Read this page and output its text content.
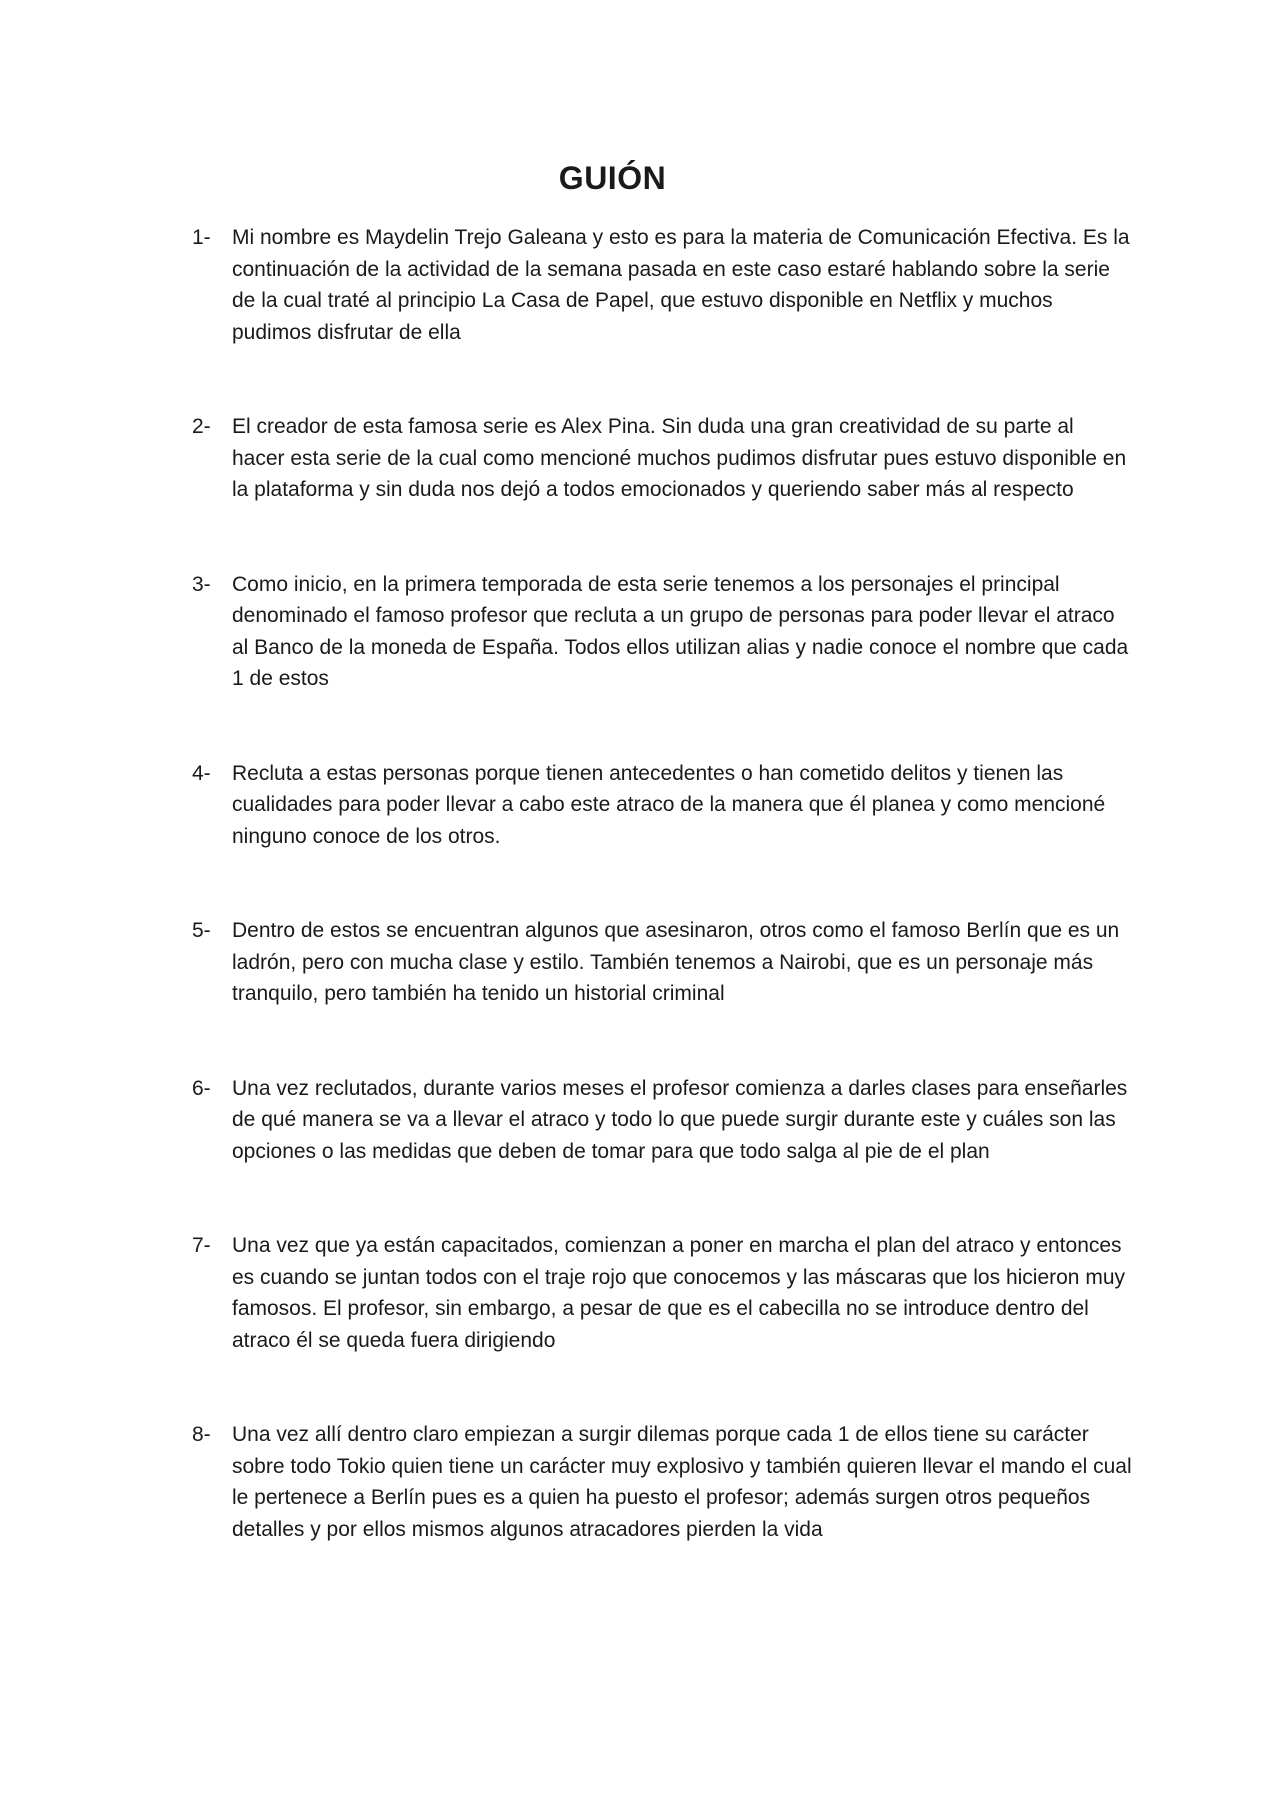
GUIÓN
1-	Mi nombre es Maydelin Trejo Galeana y esto es para la materia de Comunicación Efectiva. Es la continuación de la actividad de la semana pasada en este caso estaré hablando sobre la serie de la cual traté al principio La Casa de Papel, que estuvo disponible en Netflix y muchos pudimos disfrutar de ella
2-	El creador de esta famosa serie es Alex Pina. Sin duda una gran creatividad de su parte al hacer esta serie de la cual como mencioné muchos pudimos disfrutar pues estuvo disponible en la plataforma y sin duda nos dejó a todos emocionados y queriendo saber más al respecto
3-	Como inicio, en la primera temporada de esta serie tenemos a los personajes el principal denominado el famoso profesor que recluta a un grupo de personas para poder llevar el atraco al Banco de la moneda de España. Todos ellos utilizan alias y nadie conoce el nombre que cada 1 de estos
4-	Recluta a estas personas porque tienen antecedentes o han cometido delitos y tienen las cualidades para poder llevar a cabo este atraco de la manera que él planea y como mencioné ninguno conoce de los otros.
5-	Dentro de estos se encuentran algunos que asesinaron, otros como el famoso Berlín que es un ladrón, pero con mucha clase y estilo. También tenemos a Nairobi, que es un personaje más tranquilo, pero también ha tenido un historial criminal
6-	Una vez reclutados, durante varios meses el profesor comienza a darles clases para enseñarles de qué manera se va a llevar el atraco y todo lo que puede surgir durante este y cuáles son las opciones o las medidas que deben de tomar para que todo salga al pie de el plan
7-	Una vez que ya están capacitados, comienzan a poner en marcha el plan del atraco y entonces es cuando se juntan todos con el traje rojo que conocemos y las máscaras que los hicieron muy famosos. El profesor, sin embargo, a pesar de que es el cabecilla no se introduce dentro del atraco él se queda fuera dirigiendo
8-	Una vez allí dentro claro empiezan a surgir dilemas porque cada 1 de ellos tiene su carácter sobre todo Tokio quien tiene un carácter muy explosivo y también quieren llevar el mando el cual le pertenece a Berlín pues es a quien ha puesto el profesor; además surgen otros pequeños detalles y por ellos mismos algunos atracadores pierden la vida
